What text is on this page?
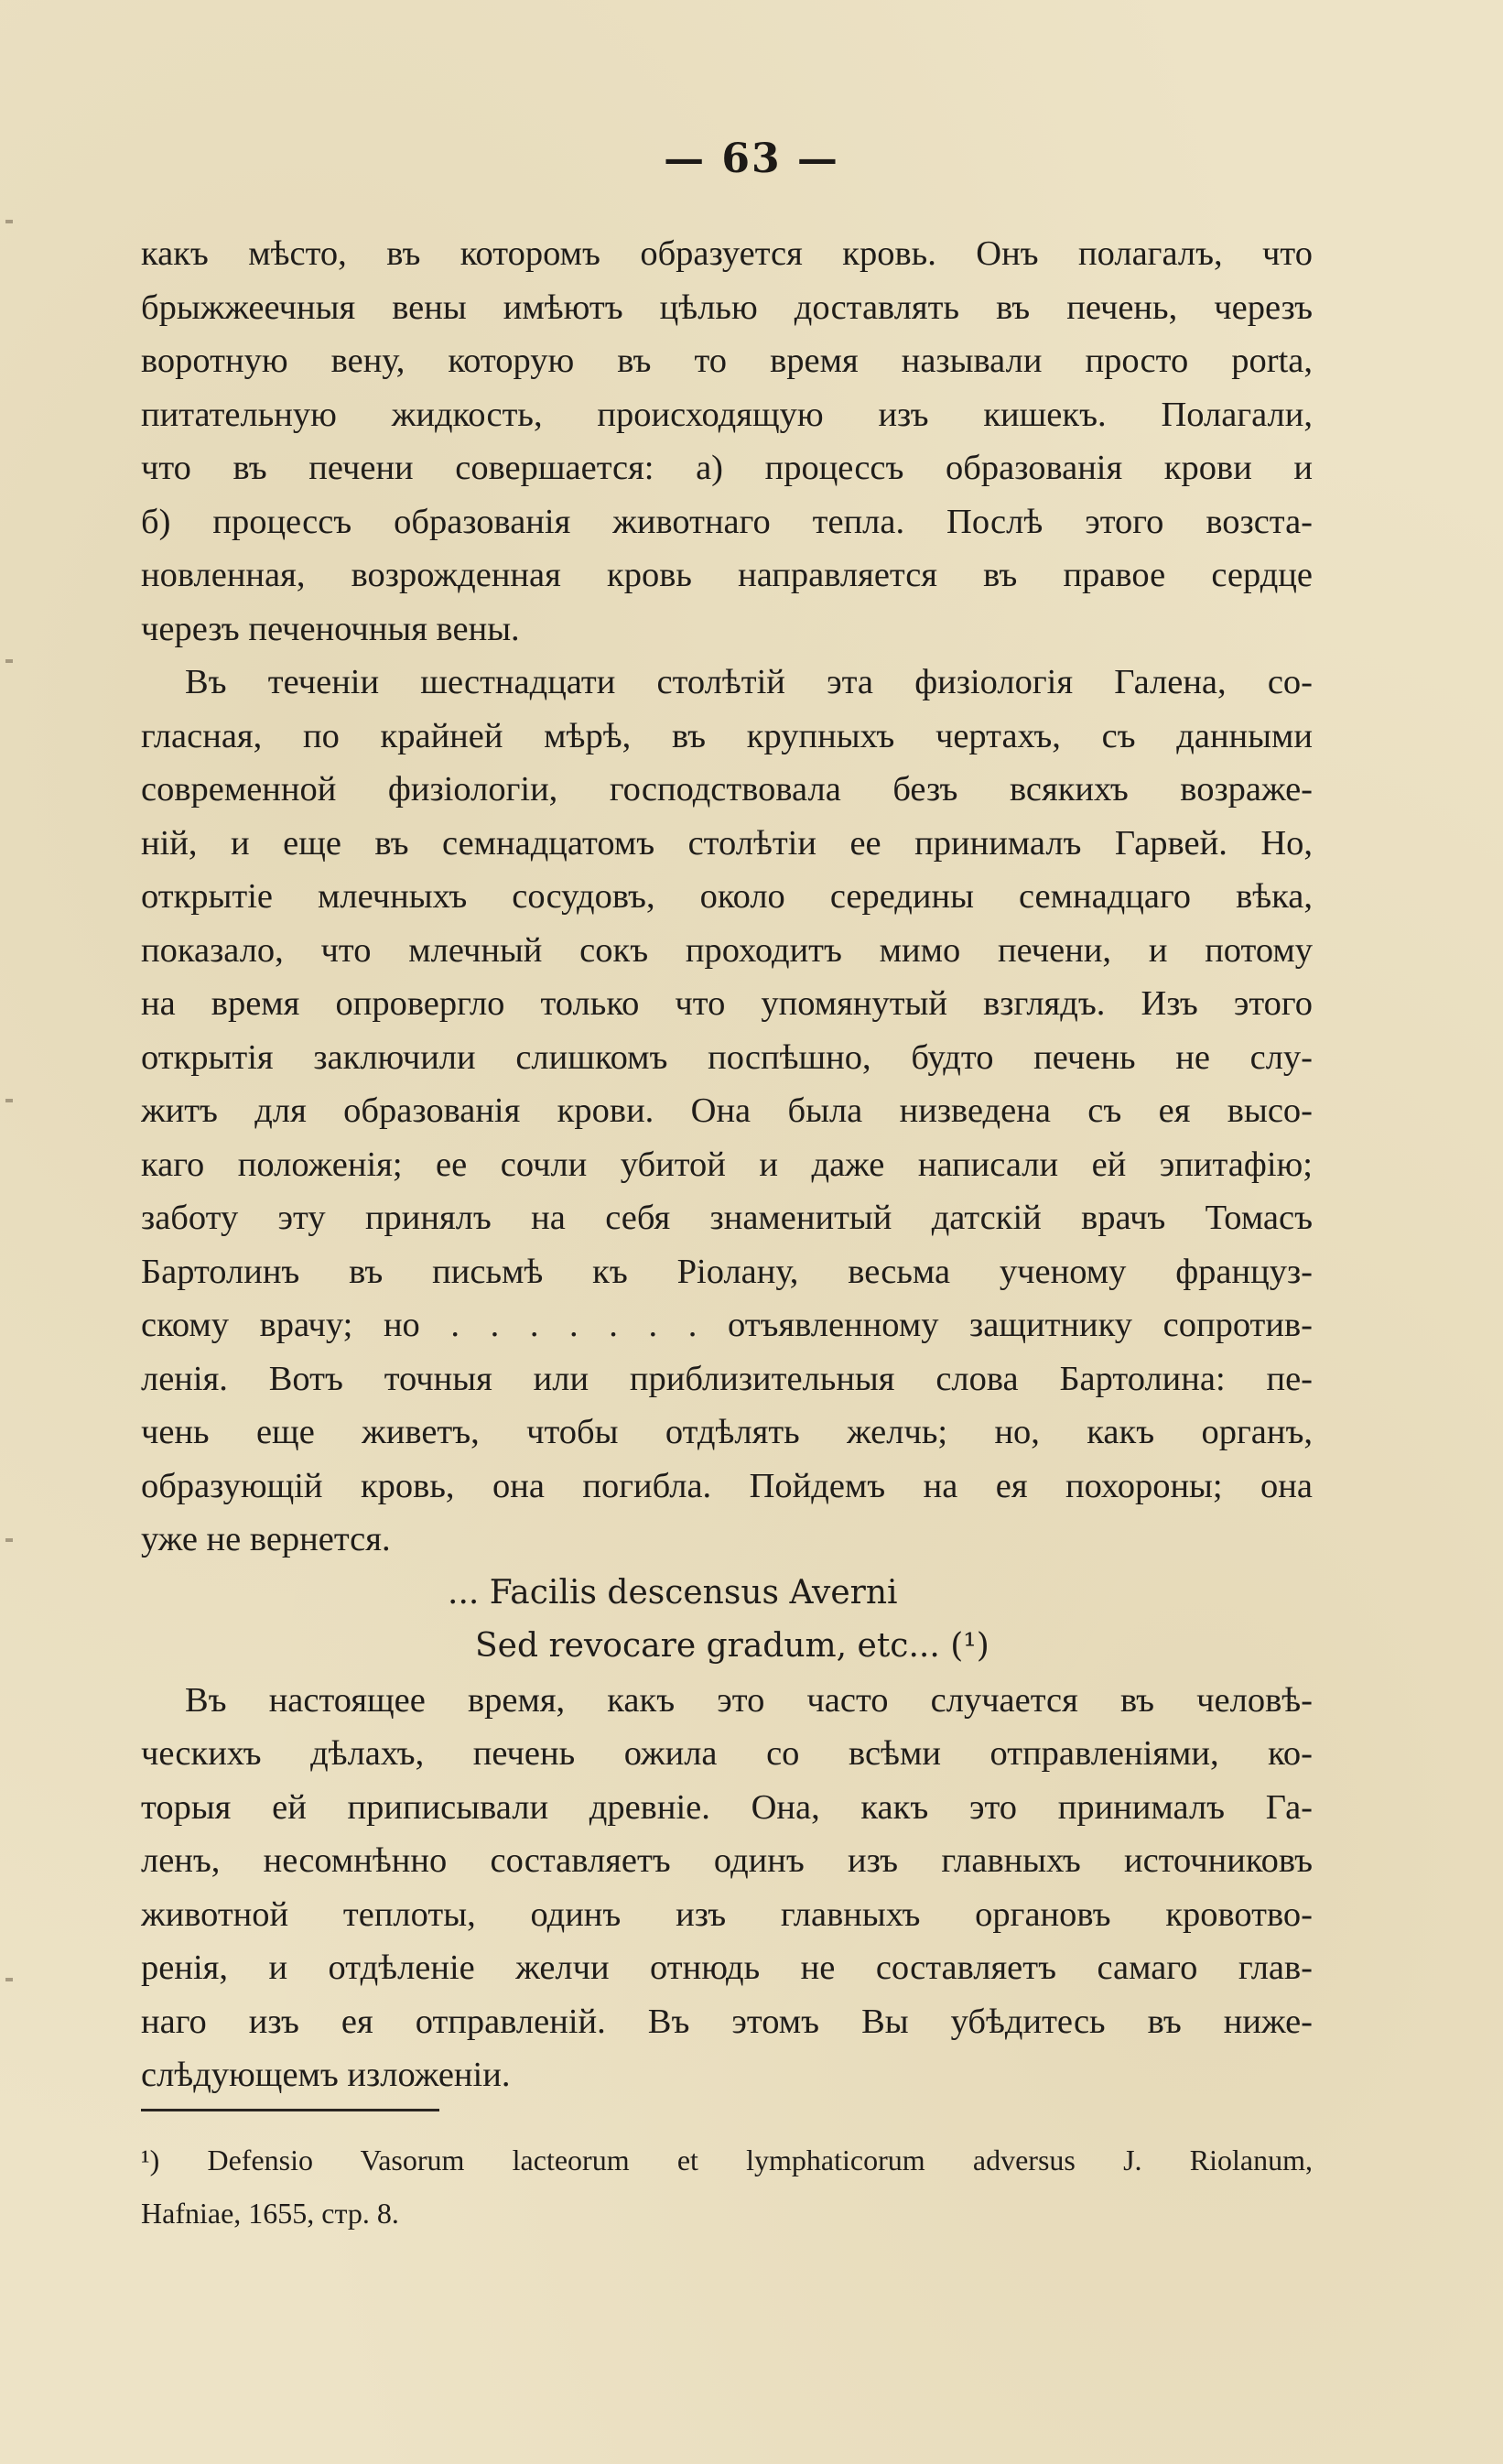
— 63 —
какъ мѣсто, въ которомъ образуется кровь. Онъ полагалъ, что
брыжжеечныя вены имѣютъ цѣлью доставлять въ печень, черезъ
воротную вену, которую въ то время называли просто porta,
питательную жидкость, происходящую изъ кишекъ. Полагали,
что въ печени совершается: а) процессъ образованія крови и
б) процессъ образованія животнаго тепла. Послѣ этого возста-
новленная, возрожденная кровь направляется въ правое сердце
черезъ печеночныя вены.
Въ теченіи шестнадцати столѣтій эта физіологія Галена, со-
гласная, по крайней мѣрѣ, въ крупныхъ чертахъ, съ данными
современной физіологіи, господствовала безъ всякихъ возраже-
ній, и еще въ семнадцатомъ столѣтіи ее принималъ Гарвей. Но,
открытіе млечныхъ сосудовъ, около середины семнадцаго вѣка,
показало, что млечный сокъ проходитъ мимо печени, и потому
на время опровергло только что упомянутый взглядъ. Изъ этого
открытія заключили слишкомъ поспѣшно, будто печень не слу-
житъ для образованія крови. Она была низведена съ ея высо-
каго положенія; ее сочли убитой и даже написали ей эпитафію;
заботу эту принялъ на себя знаменитый датскій врачъ Томасъ
Бартолинъ въ письмѣ къ Ріолану, весьма ученому француз-
скому врачу; но . . . . . . . отъявленному защитнику сопротив-
ленія. Вотъ точныя или приблизительныя слова Бартолина: пе-
чень еще живетъ, чтобы отдѣлять желчь; но, какъ органъ,
образующій кровь, она погибла. Пойдемъ на ея похороны; она
уже не вернется.
... Facilis descensus Averni
Sed revocare gradum, etc... (¹)
Въ настоящее время, какъ это часто случается въ человѣ-
ческихъ дѣлахъ, печень ожила со всѣми отправленіями, ко-
торыя ей приписывали древніе. Она, какъ это принималъ Га-
ленъ, несомнѣнно составляетъ одинъ изъ главныхъ источниковъ
животной теплоты, одинъ изъ главныхъ органовъ кровотво-
ренія, и отдѣленіе желчи отнюдь не составляетъ самаго глав-
наго изъ ея отправленій. Въ этомъ Вы убѣдитесь въ ниже-
слѣдующемъ изложеніи.
¹) Defensio Vasorum lacteorum et lymphaticorum adversus J. Riolanum,
Hafniae, 1655, стр. 8.
